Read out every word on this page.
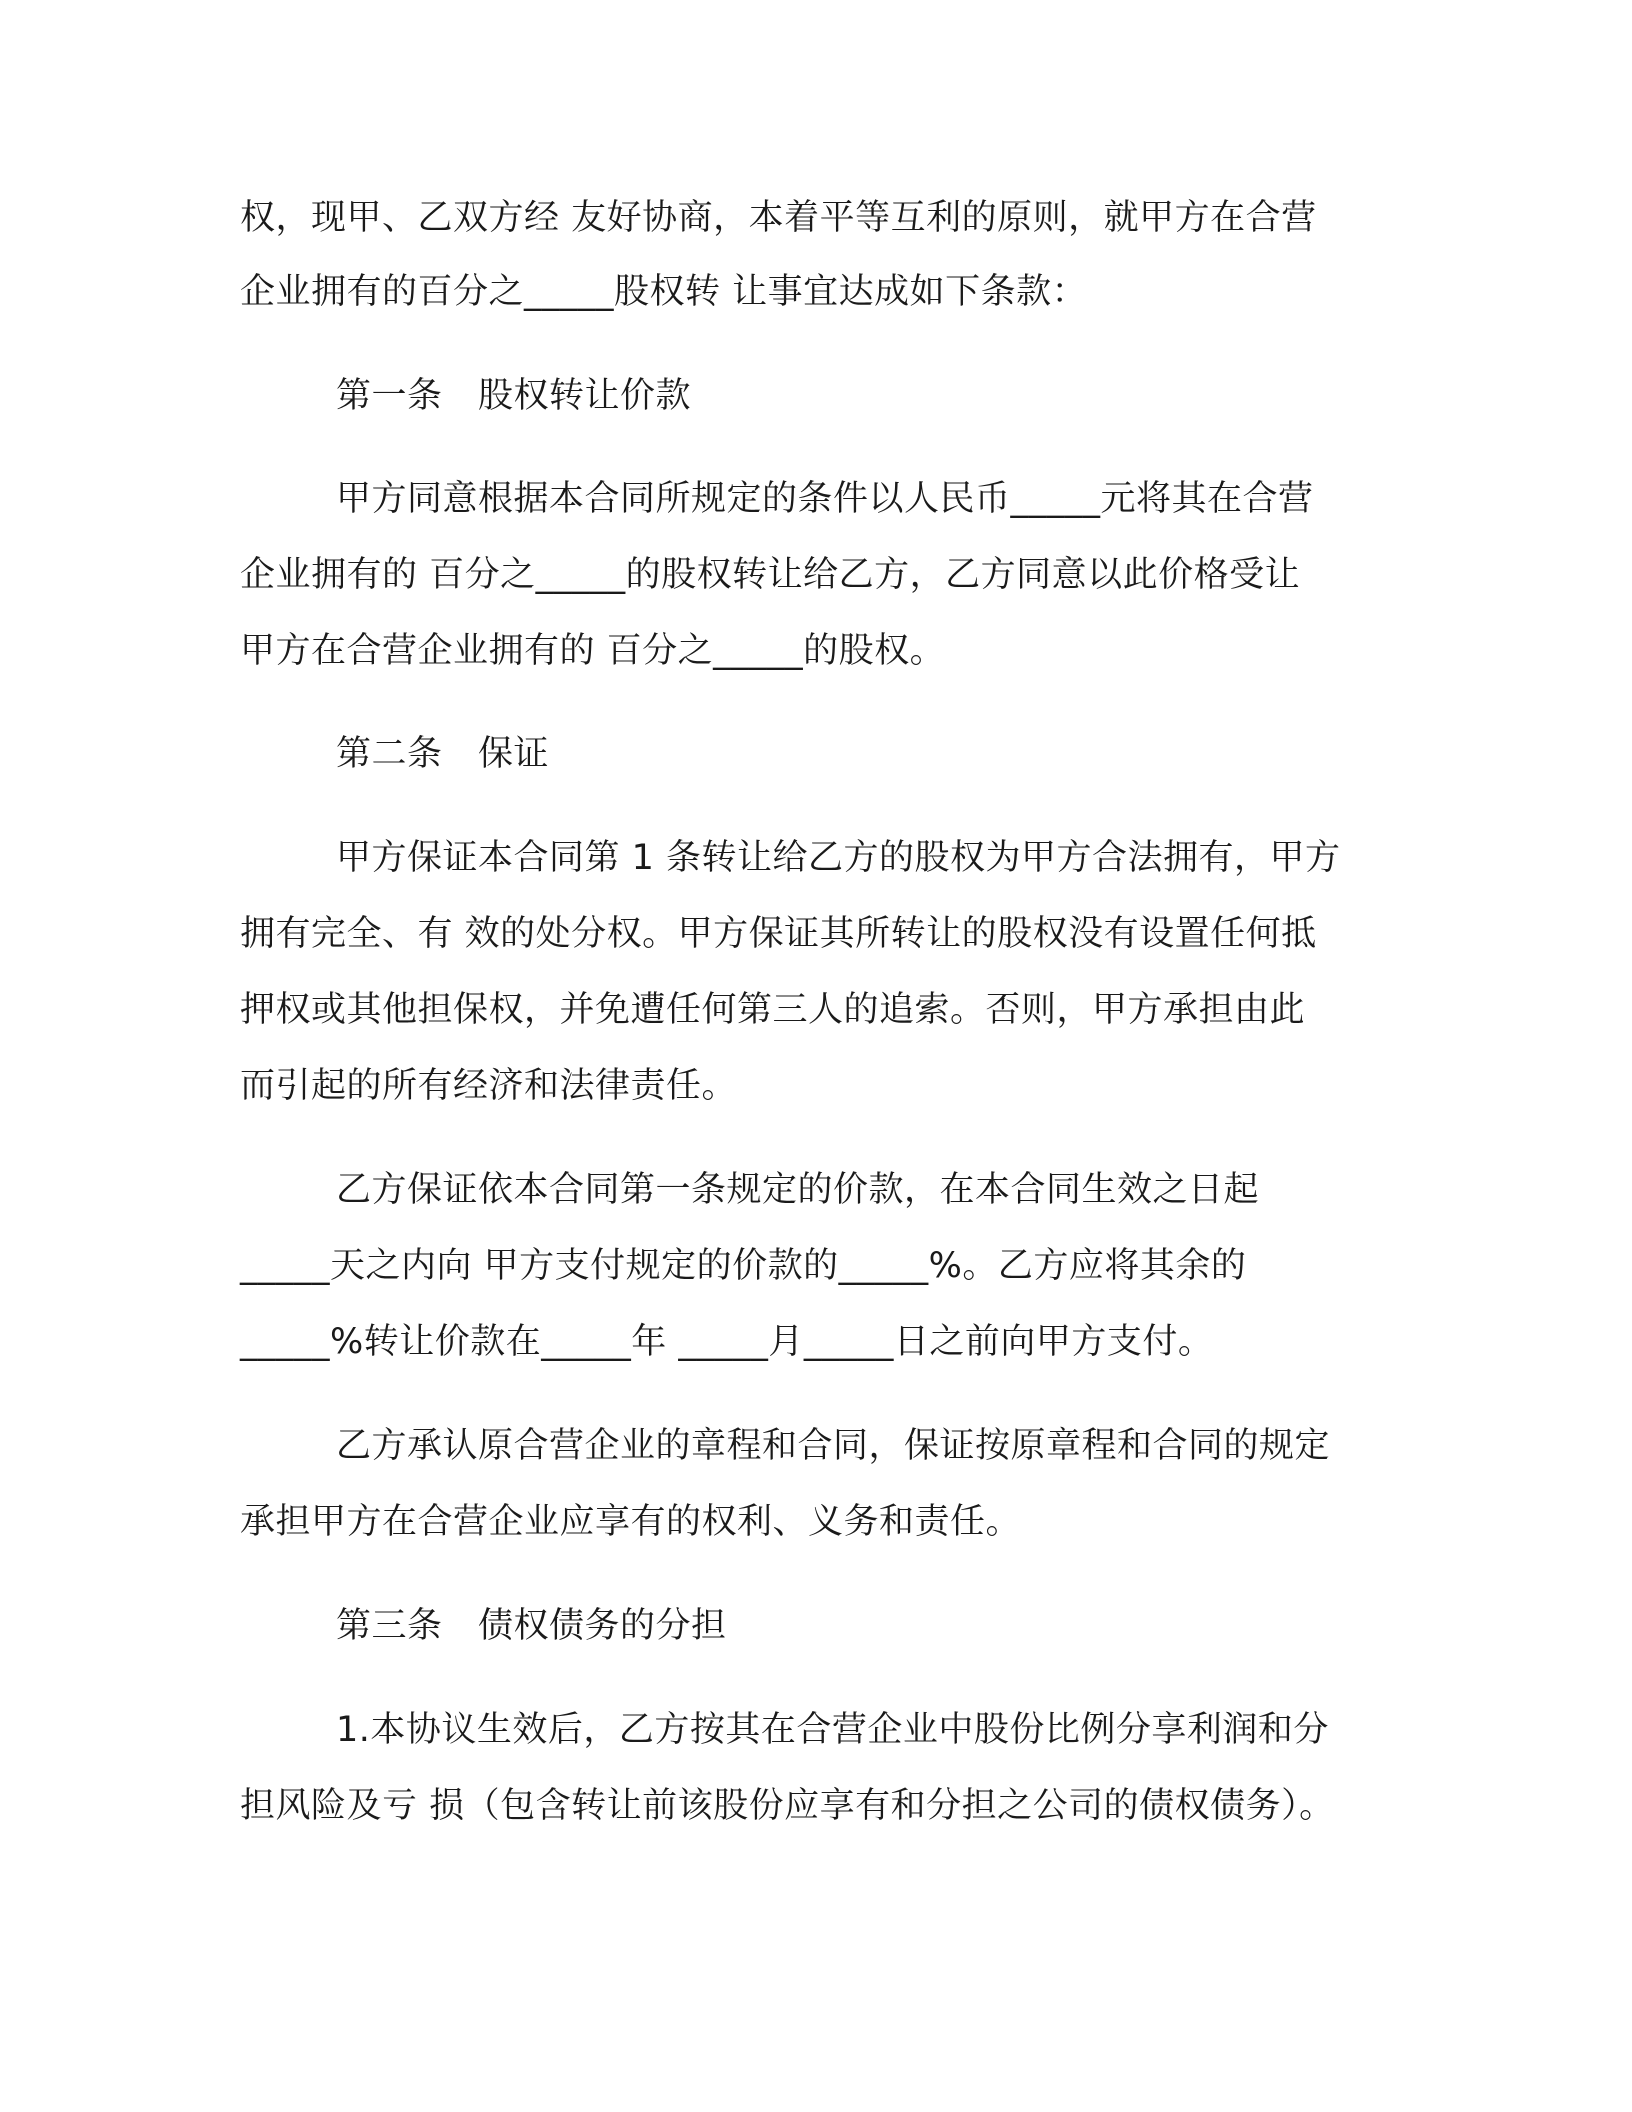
权，现甲、乙双方经 友好协商，本着平等互利的原则，就甲方在合营

企业拥有的百分之_____股权转 让事宜达成如下条款：

第一条　股权转让价款

甲方同意根据本合同所规定的条件以人民币_____元将其在合营

企业拥有的 百分之_____的股权转让给乙方，乙方同意以此价格受让

甲方在合营企业拥有的 百分之_____的股权。

第二条　保证

甲方保证本合同第 1 条转让给乙方的股权为甲方合法拥有，甲方

拥有完全、有 效的处分权。甲方保证其所转让的股权没有设置任何抵

押权或其他担保权，并免遭任何第三人的追索。否则，甲方承担由此

而引起的所有经济和法律责任。

乙方保证依本合同第一条规定的价款，在本合同生效之日起

_____天之内向 甲方支付规定的价款的_____%。乙方应将其余的

_____%转让价款在_____年 _____月_____日之前向甲方支付。

乙方承认原合营企业的章程和合同，保证按原章程和合同的规定

承担甲方在合营企业应享有的权利、义务和责任。

第三条　债权债务的分担

1.本协议生效后，乙方按其在合营企业中股份比例分享利润和分

担风险及亏 损（包含转让前该股份应享有和分担之公司的债权债务）。
